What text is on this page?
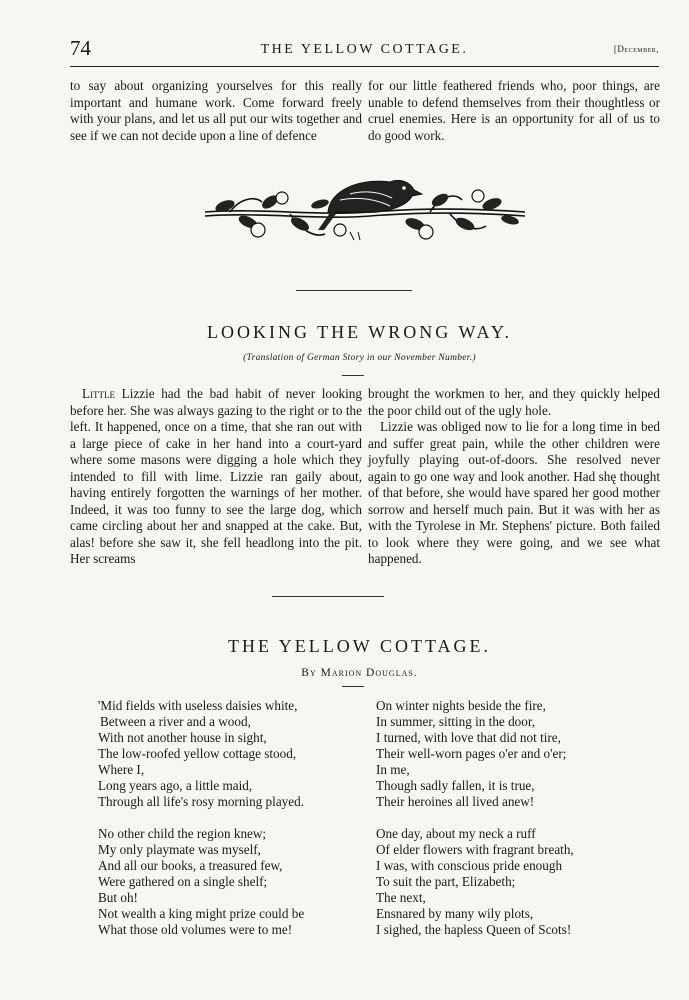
74	THE YELLOW COTTAGE.	[December,

to say about organizing yourselves for this really important and humane work. Come forward freely with your plans, and let us all put our wits together and see if we can not decide upon a line of defence

for our little feathered friends who, poor things, are unable to defend themselves from their thoughtless or cruel enemies. Here is an opportunity for all of us to do good work.

LOOKING THE WRONG WAY.
(Translation of German Story in our November Number.)

Little Lizzie had the bad habit of never looking before her. She was always gazing to the right or to the left. It happened, once on a time, that she ran out with a large piece of cake in her hand into a court-yard where some masons were digging a hole which they intended to fill with lime. Lizzie ran gaily about, having entirely forgotten the warnings of her mother. Indeed, it was too funny to see the large dog, which came circling about her and snapped at the cake. But, alas! before she saw it, she fell headlong into the pit. Her screams

brought the workmen to her, and they quickly helped the poor child out of the ugly hole.

Lizzie was obliged now to lie for a long time in bed and suffer great pain, while the other children were joyfully playing out-of-doors. She resolved never again to go one way and look another. Had shę thought of that before, she would have spared her good mother sorrow and herself much pain. But it was with her as with the Tyrolese in Mr. Stephens' picture. Both failed to look where they were going, and we see what happened.

THE YELLOW COTTAGE.
By Marion Douglas.
'Mid fields with useless daisies white,
Between a river and a wood,
With not another house in sight,
The low-roofed yellow cottage stood,
Where I,
Long years ago, a little maid,
Through all life's rosy morning played.
No other child the region knew;
My only playmate was myself,
And all our books, a treasured few,
Were gathered on a single shelf;
But oh!
Not wealth a king might prize could be
What those old volumes were to me!
On winter nights beside the fire,
In summer, sitting in the door,
I turned, with love that did not tire,
Their well-worn pages o'er and o'er;
In me,
Though sadly fallen, it is true,
Their heroines all lived anew!
One day, about my neck a ruff
Of elder flowers with fragrant breath,
I was, with conscious pride enough
To suit the part, Elizabeth;
The next,
Ensnared by many wily plots,
I sighed, the hapless Queen of Scots!
